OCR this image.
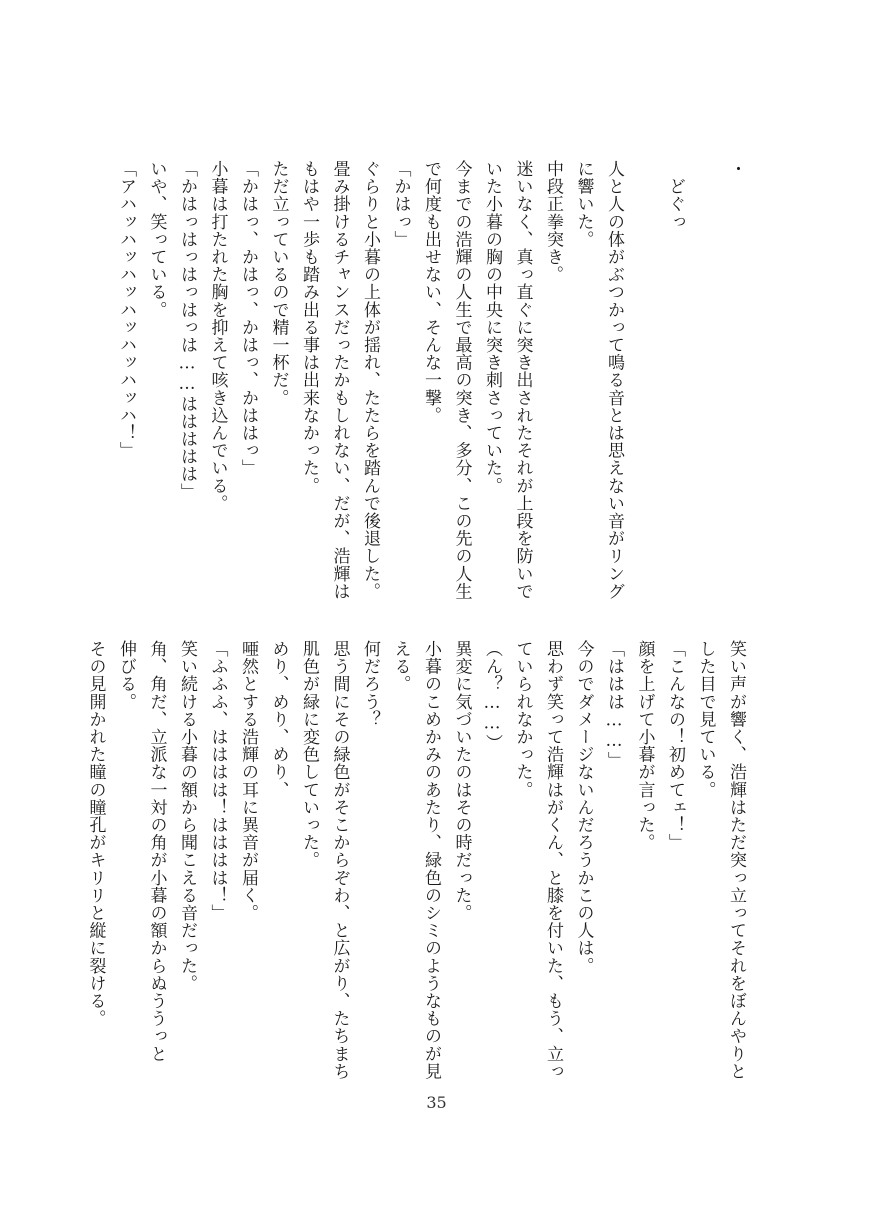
・

　どぐっ

人と人の体がぶつかって鳴る音とは思えない音がリング
に響いた。
中段正拳突き。
迷いなく、真っ直ぐに突き出されたそれが上段を防いで
いた小暮の胸の中央に突き刺さっていた。
今までの浩輝の人生で最高の突き、多分、この先の人生
で何度も出せない、そんな一撃。
「かはっ」
ぐらりと小暮の上体が揺れ、たたらを踏んで後退した。
畳み掛けるチャンスだったかもしれない、だが、浩輝は
もはや一歩も踏み出る事は出来なかった。
ただ立っているので精一杯だ。
「かはっ、かはっ、かはっ、かははっ」
小暮は打たれた胸を抑えて咳き込んでいる。
「かはっはっはっはっは……ははははは」
いや、笑っている。
「アハッハッハッハッハッハッハ！」
笑い声が響く、浩輝はただ突っ立ってそれをぼんやりと
した目で見ている。
「こんなの！初めてェ！」
顔を上げて小暮が言った。
「ははは……」
今のでダメージないんだろうかこの人は。
思わず笑って浩輝はがくん、と膝を付いた、もう、立っ
ていられなかった。
（ん？……）
異変に気づいたのはその時だった。
小暮のこめかみのあたり、緑色のシミのようなものが見
える。
何だろう？
思う間にその緑色がそこからぞわ、と広がり、たちまち
肌色が緑に変色していった。
めり、めり、めり、
唖然とする浩輝の耳に異音が届く。
「ふふふ、はははは！はははは！」
笑い続ける小暮の額から聞こえる音だった。
角、角だ、立派な一対の角が小暮の額からぬううっと
伸びる。
その見開かれた瞳の瞳孔がキリリと縦に裂ける。
35
